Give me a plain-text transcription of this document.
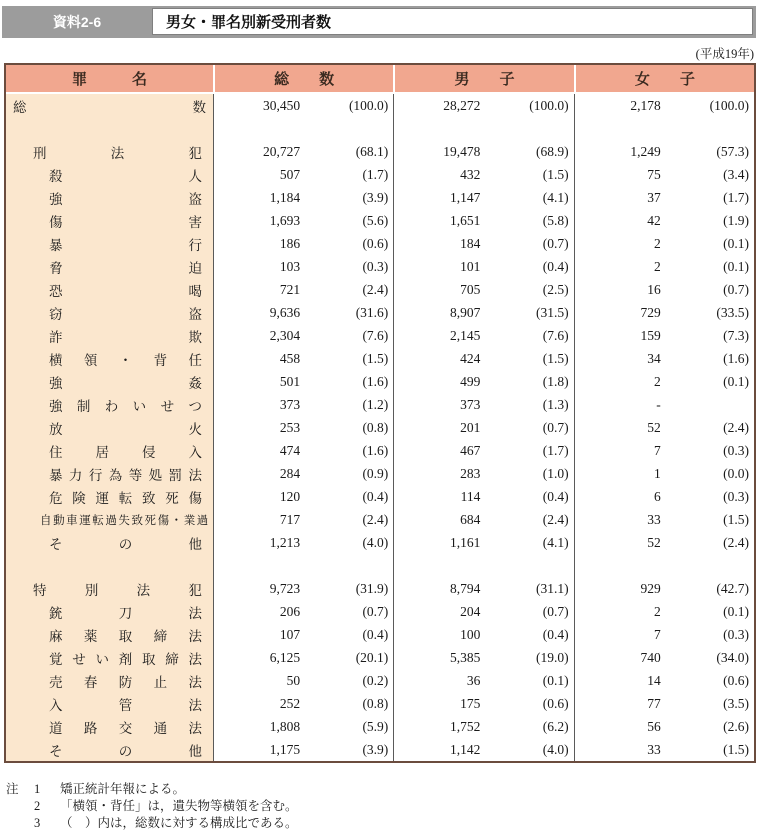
資料2-6	男女・罪名別新受刑者数
(平成19年)
罪　　　名	総　　数	男　　子	女　　子
総	数	30,450	(100.0)	28,272	(100.0)	2,178	(100.0)
刑	法	犯	20,727	(68.1)	19,478	(68.9)	1,249	(57.3)
殺	人	507	(1.7)	432	(1.5)	75	(3.4)
強	盗	1,184	(3.9)	1,147	(4.1)	37	(1.7)
傷	害	1,693	(5.6)	1,651	(5.8)	42	(1.9)
暴	行	186	(0.6)	184	(0.7)	2	(0.1)
脅	迫	103	(0.3)	101	(0.4)	2	(0.1)
恐	喝	721	(2.4)	705	(2.5)	16	(0.7)
窃	盗	9,636	(31.6)	8,907	(31.5)	729	(33.5)
詐	欺	2,304	(7.6)	2,145	(7.6)	159	(7.3)
横 領 ・ 背 任	458	(1.5)	424	(1.5)	34	(1.6)
強	姦	501	(1.6)	499	(1.8)	2	(0.1)
強 制 わ い せ つ	373	(1.2)	373	(1.3)	-
放	火	253	(0.8)	201	(0.7)	52	(2.4)
住 居 侵 入	474	(1.6)	467	(1.7)	7	(0.3)
暴 力 行 為 等 処 罰 法	284	(0.9)	283	(1.0)	1	(0.0)
危 険 運 転 致 死 傷	120	(0.4)	114	(0.4)	6	(0.3)
自 動 車 運 転 過 失 致 死 傷 ・ 業 過	717	(2.4)	684	(2.4)	33	(1.5)
そ	の	他	1,213	(4.0)	1,161	(4.1)	52	(2.4)
特	別	法	犯	9,723	(31.9)	8,794	(31.1)	929	(42.7)
銃	刀	法	206	(0.7)	204	(0.7)	2	(0.1)
麻 薬 取 締 法	107	(0.4)	100	(0.4)	7	(0.3)
覚 せ い 剤 取 締 法	6,125	(20.1)	5,385	(19.0)	740	(34.0)
売 春 防 止 法	50	(0.2)	36	(0.1)	14	(0.6)
入	管	法	252	(0.8)	175	(0.6)	77	(3.5)
道 路 交 通 法	1,808	(5.9)	1,752	(6.2)	56	(2.6)
そ	の	他	1,175	(3.9)	1,142	(4.0)	33	(1.5)
注	1	矯正統計年報による。
2	「横領・背任」は，遺失物等横領を含む。
3	（　）内は，総数に対する構成比である。
